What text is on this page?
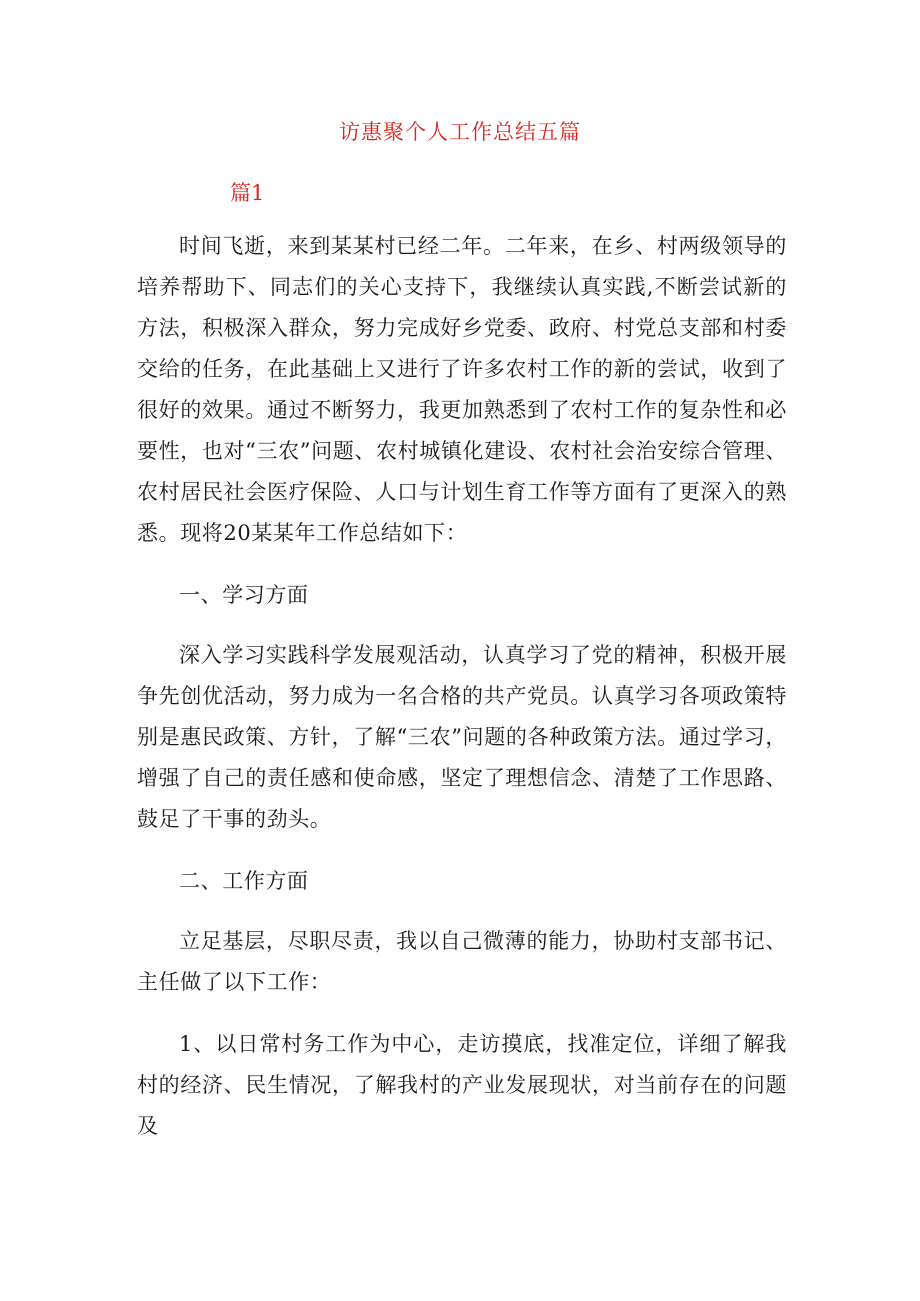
访惠聚个人工作总结五篇
篇1

时间飞逝，来到某某村已经二年。二年来，在乡、村两级领导的培养帮助下、同志们的关心支持下，我继续认真实践,不断尝试新的方法，积极深入群众，努力完成好乡党委、政府、村党总支部和村委交给的任务，在此基础上又进行了许多农村工作的新的尝试，收到了很好的效果。通过不断努力，我更加熟悉到了农村工作的复杂性和必要性，也对“三农”问题、农村城镇化建设、农村社会治安综合管理、农村居民社会医疗保险、人口与计划生育工作等方面有了更深入的熟悉。现将20某某年工作总结如下：

一、学习方面

深入学习实践科学发展观活动，认真学习了党的精神，积极开展争先创优活动，努力成为一名合格的共产党员。认真学习各项政策特别是惠民政策、方针，了解“三农”问题的各种政策方法。通过学习，增强了自己的责任感和使命感，坚定了理想信念、清楚了工作思路、鼓足了干事的劲头。

二、工作方面

立足基层，尽职尽责，我以自己微薄的能力，协助村支部书记、主任做了以下工作：

1、以日常村务工作为中心，走访摸底，找准定位，详细了解我村的经济、民生情况，了解我村的产业发展现状，对当前存在的问题及
